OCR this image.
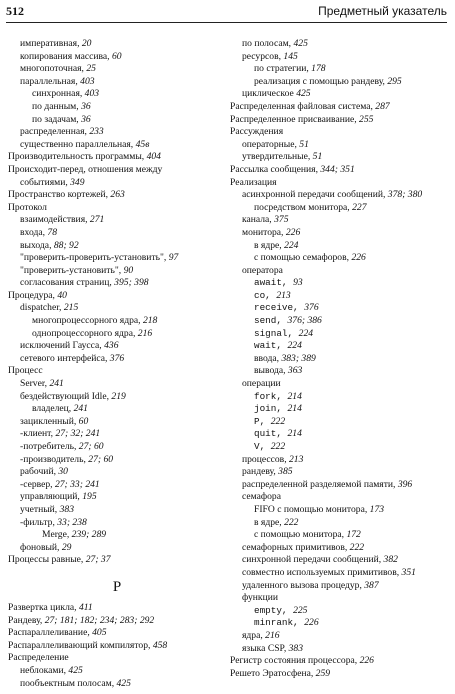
512	Предметный указатель
императивная, 20
копирования массива, 60
многопоточная, 25
параллельная, 403
синхронная, 403
по данным, 36
по задачам, 36
распределенная, 233
существенно параллельная, 45в
Производительность программы, 404
Происходит-перед, отношения между
событиями, 349
Пространство кортежей, 263
Протокол
взаимодействия, 271
входа, 78
выхода, 88; 92
"проверить-проверить-установить", 97
"проверить-установить", 90
согласования страниц, 395; 398
Процедура, 40
dispatcher, 215
многопроцессорного ядра, 218
однопроцессорного ядра, 216
исключений Гаусса, 436
сетевого интерфейса, 376
Процесс
Server, 241
бездействующий Idle, 219
владелец, 241
зацикленный, 60
-клиент, 27; 32; 241
-потребитель, 27; 60
-производитель, 27; 60
рабочий, 30
-сервер, 27; 33; 241
управляющий, 195
учетный, 383
-фильтр, 33; 238
Merge, 239; 289
фоновый, 29
Процессы равные, 27; 37
Р
Развертка цикла, 411
Рандеву, 27; 181; 182; 234; 283; 292
Распараллеливание, 405
Распараллеливающий компилятор, 458
Распределение
неблоками, 425
пообъектным полосам, 425
по полосам, 425
ресурсов, 145
по стратегии, 178
реализация с помощью рандеву, 295
циклическое 425
Распределенная файловая система, 287
Распределенное присваивание, 255
Рассуждения
операторные, 51
утвердительные, 51
Рассылка сообщения, 344; 351
Реализация
асинхронной передачи сообщений, 378; 380
посредством мониторa, 227
канала, 375
монитора, 226
в ядре, 224
с помощью семафоров, 226
оператора
await, 93
co, 213
receive, 376
send, 376; 386
signal, 224
wait, 224
ввода, 383; 389
вывода, 363
операции
fork, 214
join, 214
P, 222
quit, 214
V, 222
процессов, 213
рандеву, 385
распределенной разделяемой памяти, 396
семафора
FIFO с помощью монитора, 173
в ядре, 222
с помощью монитора, 172
семафорных примитивов, 222
синхронной передачи сообщений, 382
совместно используемых примитивов, 351
удаленного вызова процедур, 387
функции
empty, 225
minrank, 226
ядра, 216
языка CSP, 383
Регистр состояния процессора, 226
Решето Эратосфена, 259
